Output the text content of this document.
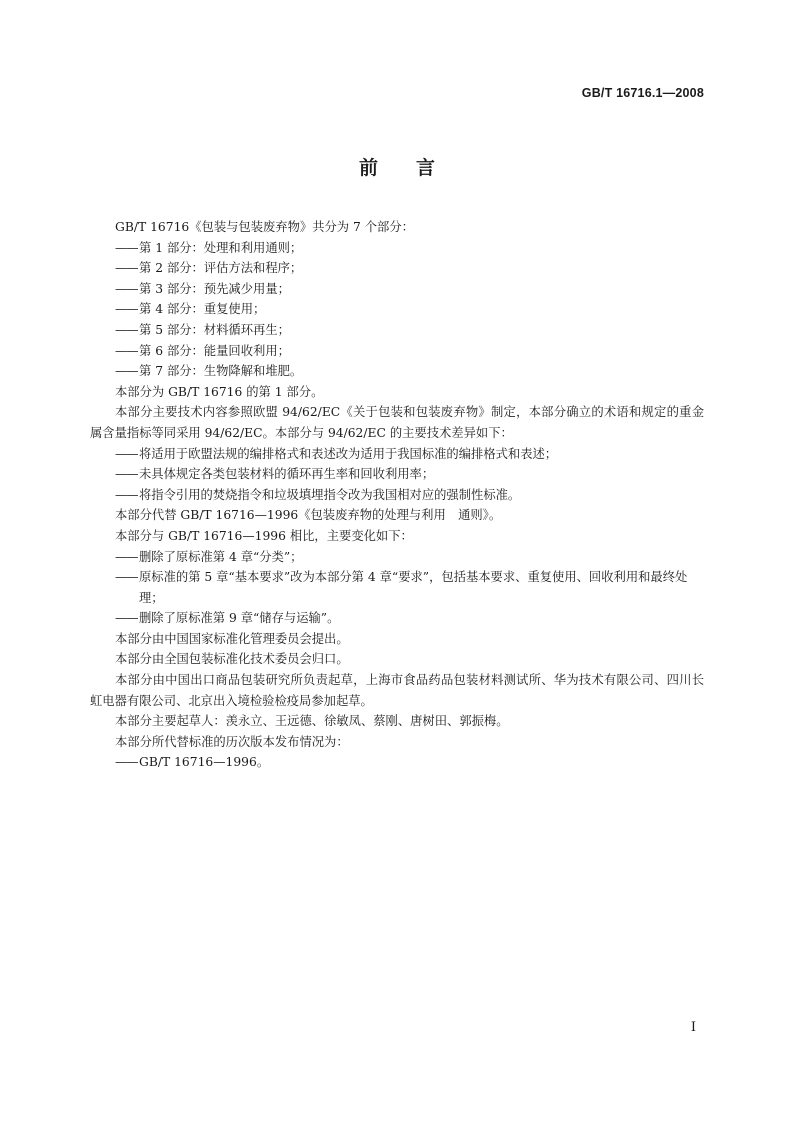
GB/T 16716.1—2008
前　　言

GB/T 16716《包装与包装废弃物》共分为 7 个部分：

—— 第 1 部分：处理和利用通则；
—— 第 2 部分：评估方法和程序；
—— 第 3 部分：预先减少用量；
—— 第 4 部分：重复使用；
—— 第 5 部分：材料循环再生；
—— 第 6 部分：能量回收利用；
—— 第 7 部分：生物降解和堆肥。

本部分为 GB/T 16716 的第 1 部分。

本部分主要技术内容参照欧盟 94/62/EC《关于包装和包装废弃物》制定，本部分确立的术语和规定的重金属含量指标等同采用 94/62/EC。本部分与 94/62/EC 的主要技术差异如下：

—— 将适用于欧盟法规的编排格式和表述改为适用于我国标准的编排格式和表述；
—— 未具体规定各类包装材料的循环再生率和回收利用率；
—— 将指令引用的焚烧指令和垃圾填埋指令改为我国相对应的强制性标准。

本部分代替 GB/T 16716—1996《包装废弃物的处理与利用　通则》。

本部分与 GB/T 16716—1996 相比，主要变化如下：

—— 删除了原标准第 4 章“分类”；
—— 原标准的第 5 章“基本要求”改为本部分第 4 章“要求”，包括基本要求、重复使用、回收利用和最终处理；
—— 删除了原标准第 9 章“储存与运输”。

本部分由中国国家标准化管理委员会提出。

本部分由全国包装标准化技术委员会归口。

本部分由中国出口商品包装研究所负责起草，上海市食品药品包装材料测试所、华为技术有限公司、四川长虹电器有限公司、北京出入境检验检疫局参加起草。

本部分主要起草人：羡永立、王远德、徐敏凤、蔡刚、唐树田、郭振梅。

本部分所代替标准的历次版本发布情况为：

—— GB/T 16716—1996。
I
